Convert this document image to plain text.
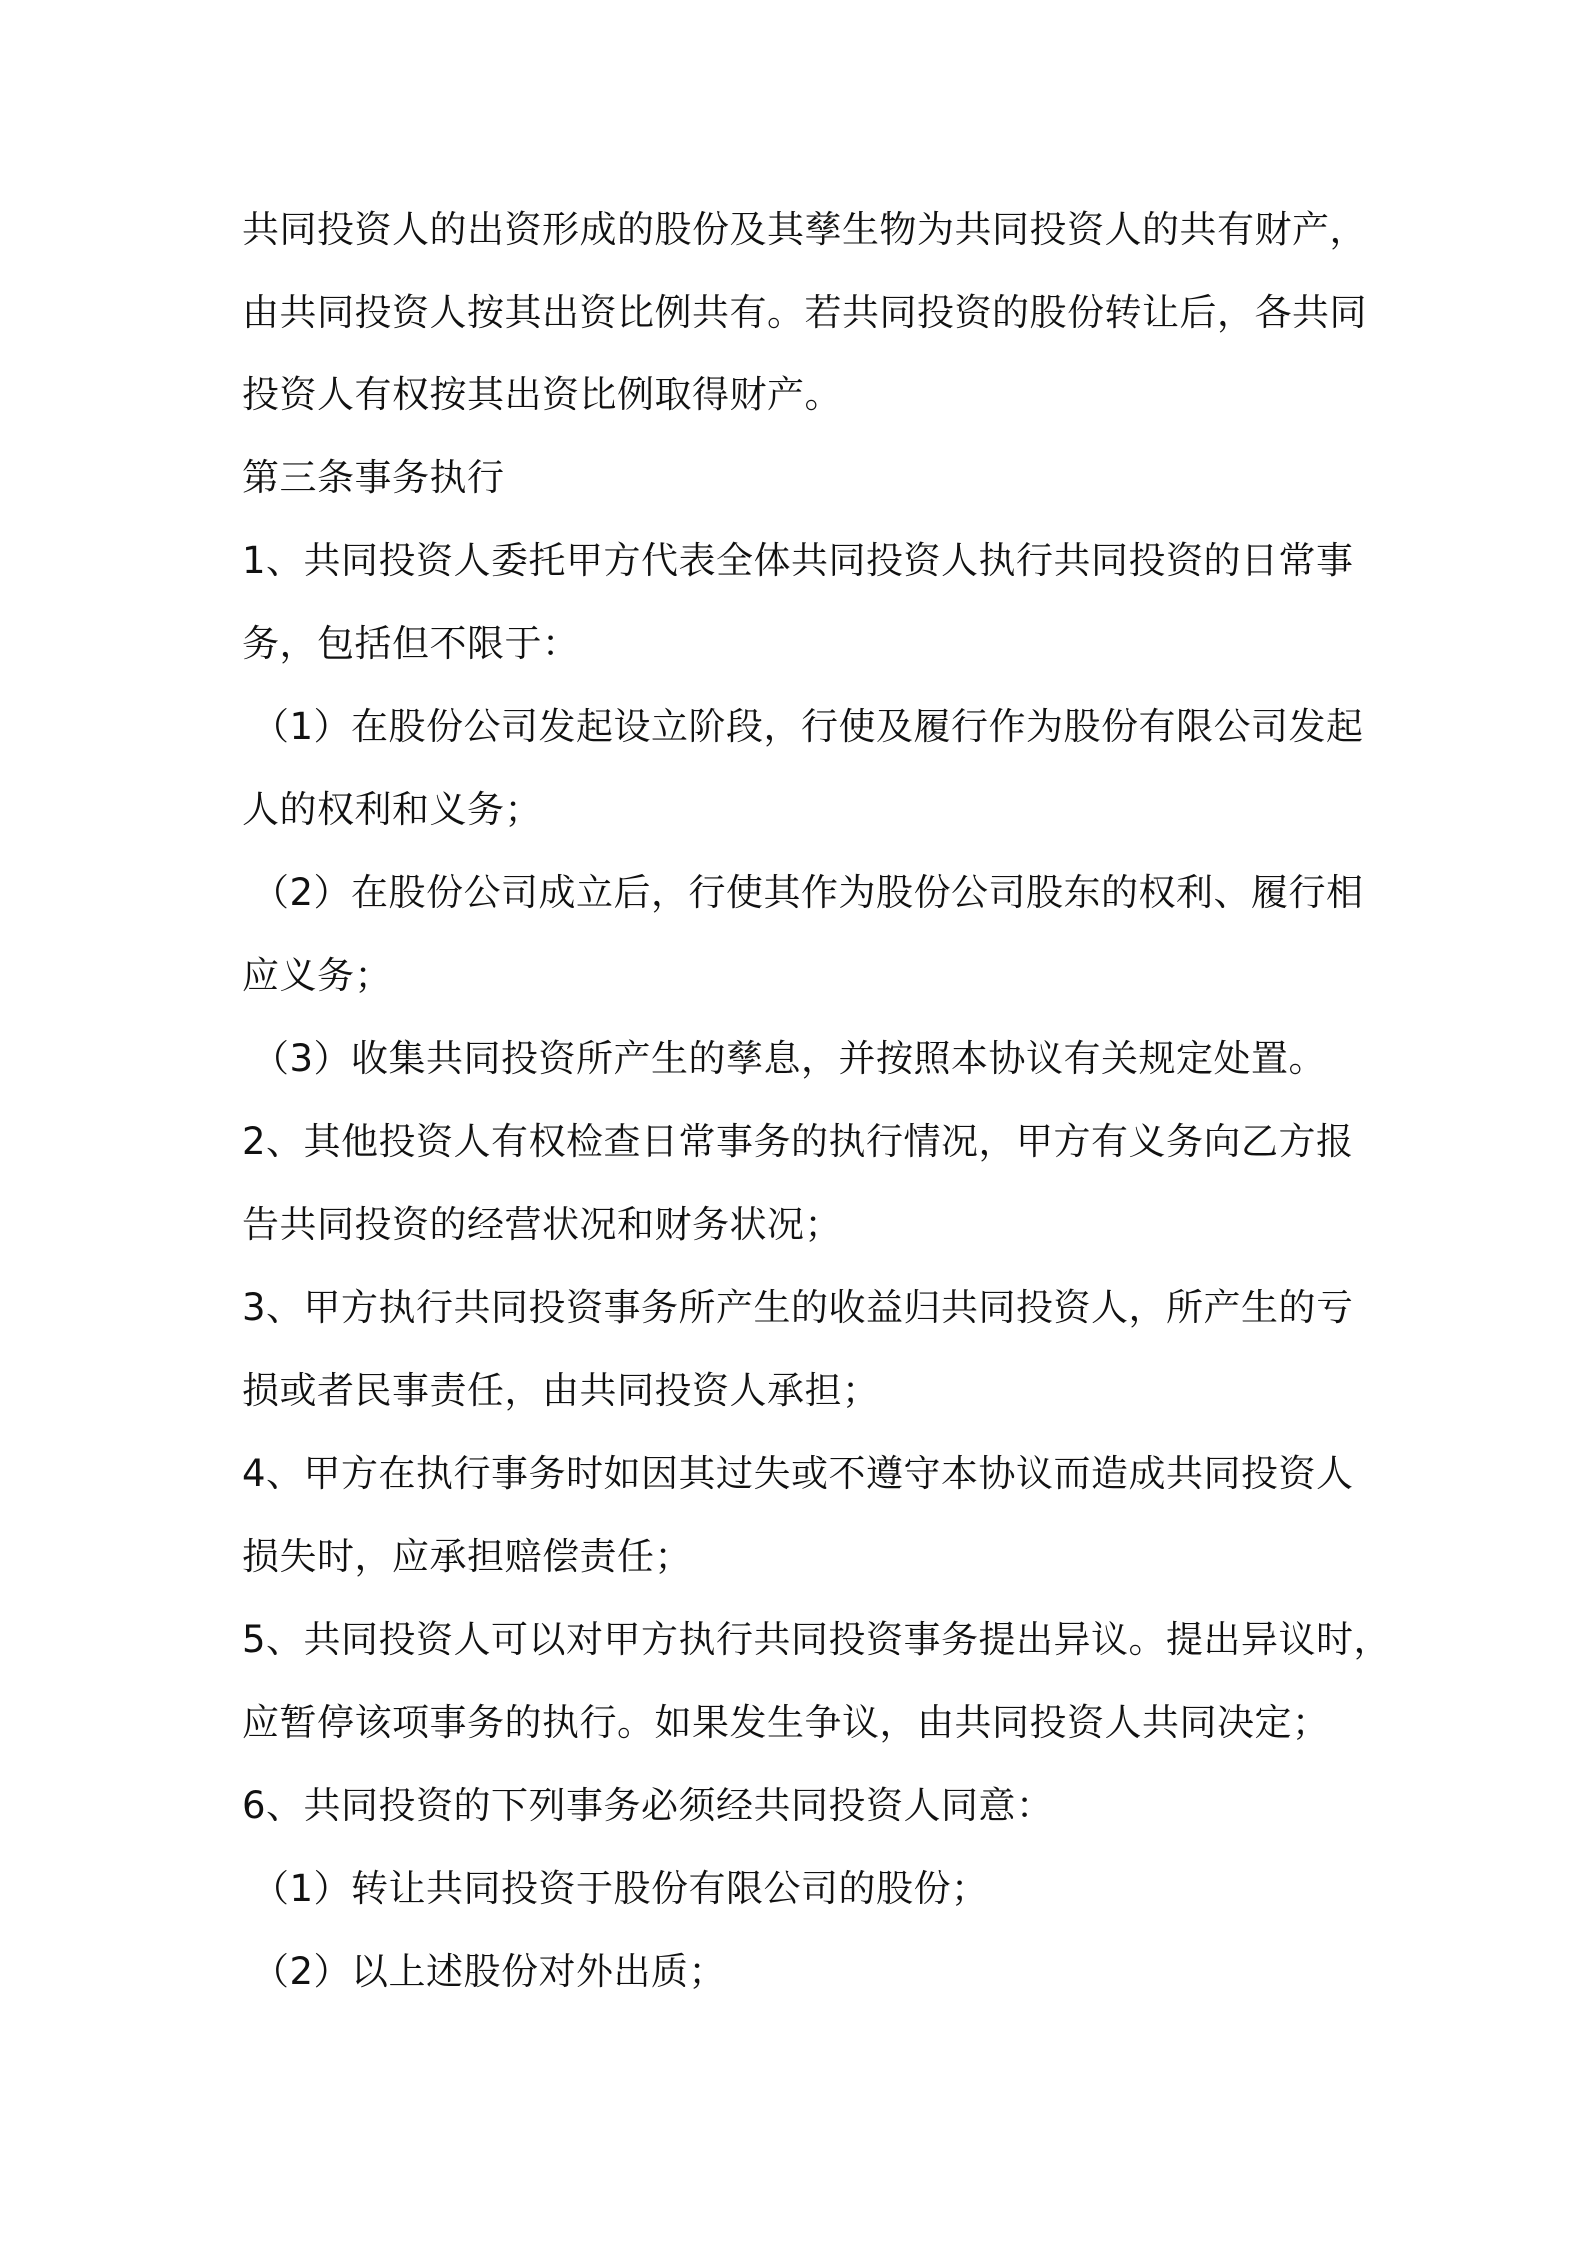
共同投资人的出资形成的股份及其孳生物为共同投资人的共有财产，
由共同投资人按其出资比例共有。若共同投资的股份转让后，各共同
投资人有权按其出资比例取得财产。
第三条事务执行
1、共同投资人委托甲方代表全体共同投资人执行共同投资的日常事
务，包括但不限于：
（1）在股份公司发起设立阶段，行使及履行作为股份有限公司发起
人的权利和义务；
（2）在股份公司成立后，行使其作为股份公司股东的权利、履行相
应义务；
（3）收集共同投资所产生的孳息，并按照本协议有关规定处置。
2、其他投资人有权检查日常事务的执行情况，甲方有义务向乙方报
告共同投资的经营状况和财务状况；
3、甲方执行共同投资事务所产生的收益归共同投资人，所产生的亏
损或者民事责任，由共同投资人承担；
4、甲方在执行事务时如因其过失或不遵守本协议而造成共同投资人
损失时，应承担赔偿责任；
5、共同投资人可以对甲方执行共同投资事务提出异议。提出异议时，
应暂停该项事务的执行。如果发生争议，由共同投资人共同决定；
6、共同投资的下列事务必须经共同投资人同意：
（1）转让共同投资于股份有限公司的股份；
（2）以上述股份对外出质；
